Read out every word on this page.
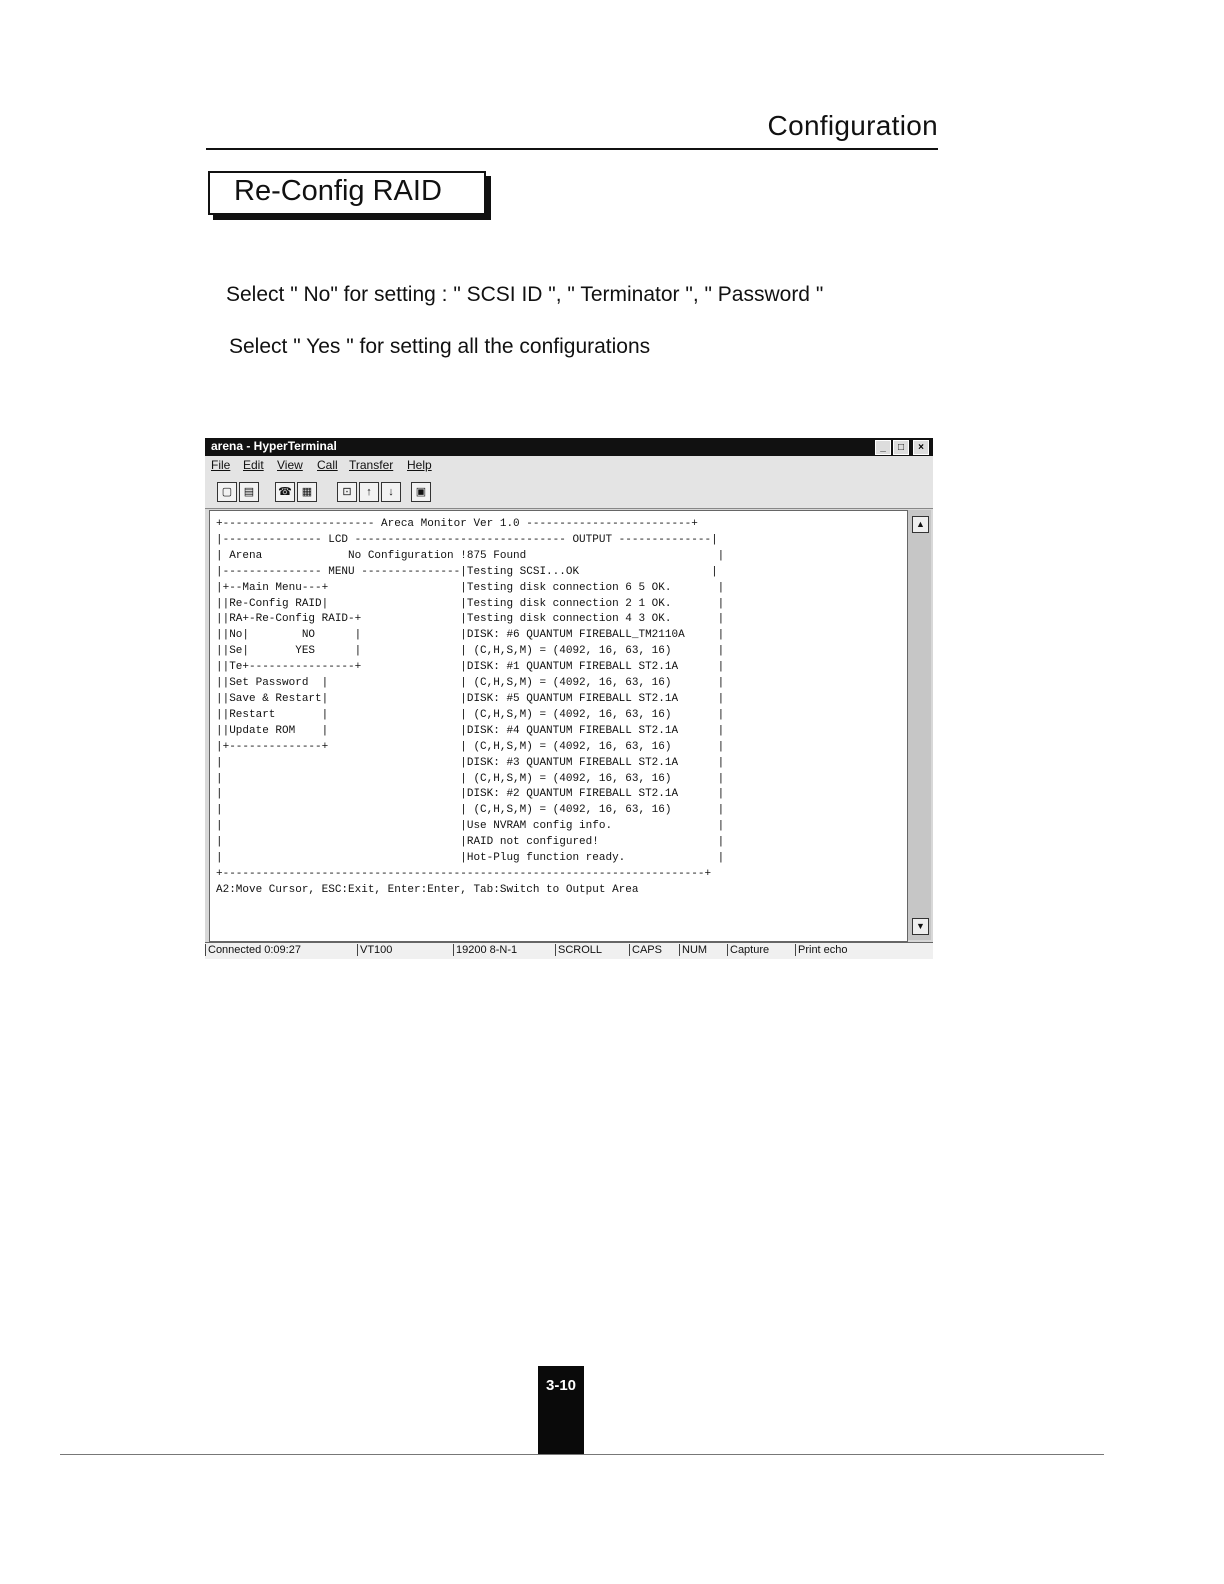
Configuration
Re-Config RAID
Select " No" for setting : " SCSI ID ", " Terminator ", " Password "
Select " Yes " for setting all the configurations
arena - HyperTerminal	_	□	×
File Edit View Call Transfer Help
▢	▤	☎ ▦	⊡	↑	↓	▣
+----------------------- Areca Monitor Ver 1.0 -------------------------+
|--------------- LCD -------------------------------- OUTPUT --------------|
| Arena             No Configuration !875 Found                             |
|--------------- MENU ---------------|Testing SCSI...OK                    |
|+--Main Menu---+                    |Testing disk connection 6 5 OK.       |
||Re-Config RAID|                    |Testing disk connection 2 1 OK.       |
||RA+-Re-Config RAID-+               |Testing disk connection 4 3 OK.       |
||No|        NO      |               |DISK: #6 QUANTUM FIREBALL_TM2110A     |
||Se|       YES      |               | (C,H,S,M) = (4092, 16, 63, 16)       |
||Te+----------------+               |DISK: #1 QUANTUM FIREBALL ST2.1A      |
||Set Password  |                    | (C,H,S,M) = (4092, 16, 63, 16)       |
||Save & Restart|                    |DISK: #5 QUANTUM FIREBALL ST2.1A      |
||Restart       |                    | (C,H,S,M) = (4092, 16, 63, 16)       |
||Update ROM    |                    |DISK: #4 QUANTUM FIREBALL ST2.1A      |
|+--------------+                    | (C,H,S,M) = (4092, 16, 63, 16)       |
|                                    |DISK: #3 QUANTUM FIREBALL ST2.1A      |
|                                    | (C,H,S,M) = (4092, 16, 63, 16)       |
|                                    |DISK: #2 QUANTUM FIREBALL ST2.1A      |
|                                    | (C,H,S,M) = (4092, 16, 63, 16)       |
|                                    |Use NVRAM config info.                |
|                                    |RAID not configured!                  |
|                                    |Hot-Plug function ready.              |
+-------------------------------------------------------------------------+
A2:Move Cursor, ESC:Exit, Enter:Enter, Tab:Switch to Output Area
▲
▼
Connected 0:09:27	VT100	19200 8-N-1	SCROLL	CAPS NUM Capture	Print echo
3-10
